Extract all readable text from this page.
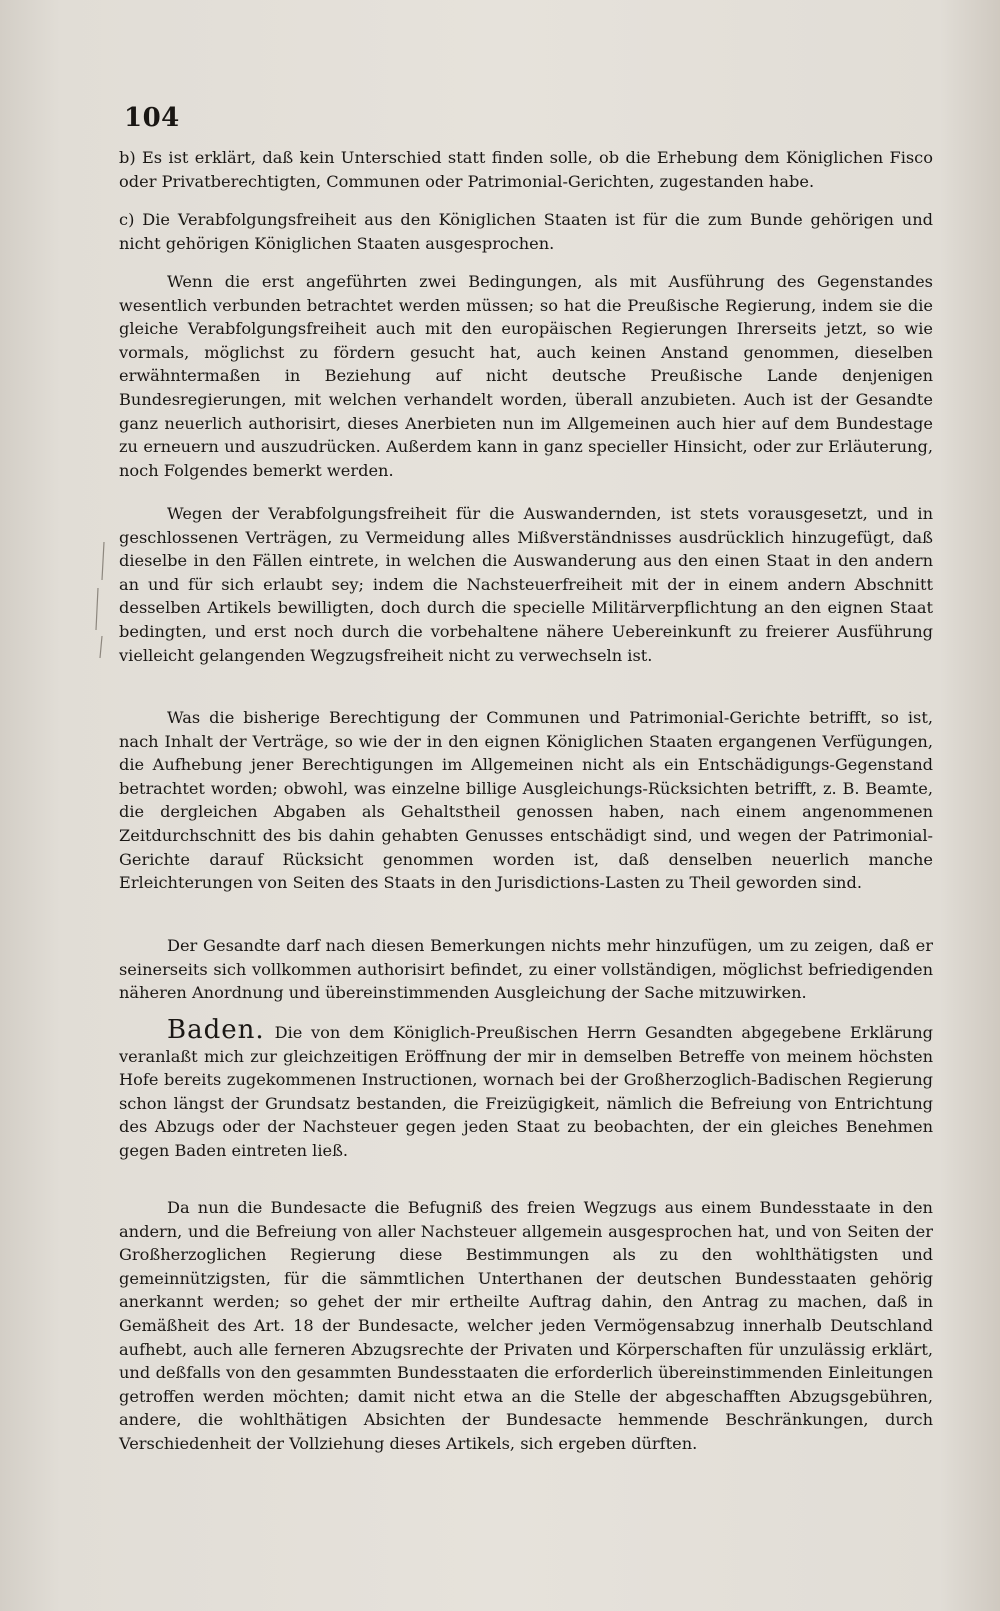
104

b) Es ist erklärt, daß kein Unterschied statt finden solle, ob die Erhebung dem Königlichen Fisco oder Privatberechtigten, Communen oder Patrimonial-Gerichten, zugestanden habe.

c) Die Verabfolgungsfreiheit aus den Königlichen Staaten ist für die zum Bunde gehörigen und nicht gehörigen Königlichen Staaten ausgesprochen.

Wenn die erst angeführten zwei Bedingungen, als mit Ausführung des Gegenstandes wesentlich verbunden betrachtet werden müssen; so hat die Preußische Regierung, indem sie die gleiche Verabfolgungsfreiheit auch mit den europäischen Regierungen Ihrerseits jetzt, so wie vormals, möglichst zu fördern gesucht hat, auch keinen Anstand genommen, dieselben erwähntermaßen in Beziehung auf nicht deutsche Preußische Lande denjenigen Bundesregierungen, mit welchen verhandelt worden, überall anzubieten. Auch ist der Gesandte ganz neuerlich authorisirt, dieses Anerbieten nun im Allgemeinen auch hier auf dem Bundestage zu erneuern und auszudrücken. Außerdem kann in ganz specieller Hinsicht, oder zur Erläuterung, noch Folgendes bemerkt werden.

Wegen der Verabfolgungsfreiheit für die Auswandernden, ist stets vorausgesetzt, und in geschlossenen Verträgen, zu Vermeidung alles Mißverständnisses ausdrücklich hinzugefügt, daß dieselbe in den Fällen eintrete, in welchen die Auswanderung aus den einen Staat in den andern an und für sich erlaubt sey; indem die Nachsteuerfreiheit mit der in einem andern Abschnitt desselben Artikels bewilligten, doch durch die specielle Militärverpflichtung an den eignen Staat bedingten, und erst noch durch die vorbehaltene nähere Uebereinkunft zu freierer Ausführung vielleicht gelangenden Wegzugsfreiheit nicht zu verwechseln ist.

Was die bisherige Berechtigung der Communen und Patrimonial-Gerichte betrifft, so ist, nach Inhalt der Verträge, so wie der in den eignen Königlichen Staaten ergangenen Verfügungen, die Aufhebung jener Berechtigungen im Allgemeinen nicht als ein Entschädigungs-Gegenstand betrachtet worden; obwohl, was einzelne billige Ausgleichungs-Rücksichten betrifft, z. B. Beamte, die dergleichen Abgaben als Gehaltstheil genossen haben, nach einem angenommenen Zeitdurchschnitt des bis dahin gehabten Genusses entschädigt sind, und wegen der Patrimonial-Gerichte darauf Rücksicht genommen worden ist, daß denselben neuerlich manche Erleichterungen von Seiten des Staats in den Jurisdictions-Lasten zu Theil geworden sind.

Der Gesandte darf nach diesen Bemerkungen nichts mehr hinzufügen, um zu zeigen, daß er seinerseits sich vollkommen authorisirt befindet, zu einer vollständigen, möglichst befriedigenden näheren Anordnung und übereinstimmenden Ausgleichung der Sache mitzuwirken.

Baden. Die von dem Königlich-Preußischen Herrn Gesandten abgegebene Erklärung veranlaßt mich zur gleichzeitigen Eröffnung der mir in demselben Betreffe von meinem höchsten Hofe bereits zugekommenen Instructionen, wornach bei der Großherzoglich-Badischen Regierung schon längst der Grundsatz bestanden, die Freizügigkeit, nämlich die Befreiung von Entrichtung des Abzugs oder der Nachsteuer gegen jeden Staat zu beobachten, der ein gleiches Benehmen gegen Baden eintreten ließ.

Da nun die Bundesacte die Befugniß des freien Wegzugs aus einem Bundesstaate in den andern, und die Befreiung von aller Nachsteuer allgemein ausgesprochen hat, und von Seiten der Großherzoglichen Regierung diese Bestimmungen als zu den wohlthätigsten und gemeinnützigsten, für die sämmtlichen Unterthanen der deutschen Bundesstaaten gehörig anerkannt werden; so gehet der mir ertheilte Auftrag dahin, den Antrag zu machen, daß in Gemäßheit des Art. 18 der Bundesacte, welcher jeden Vermögensabzug innerhalb Deutschland aufhebt, auch alle ferneren Abzugsrechte der Privaten und Körperschaften für unzulässig erklärt, und deßfalls von den gesammten Bundesstaaten die erforderlich übereinstimmenden Einleitungen getroffen werden möchten; damit nicht etwa an die Stelle der abgeschafften Abzugsgebühren, andere, die wohlthätigen Absichten der Bundesacte hemmende Beschränkungen, durch Verschiedenheit der Vollziehung dieses Artikels, sich ergeben dürften.
